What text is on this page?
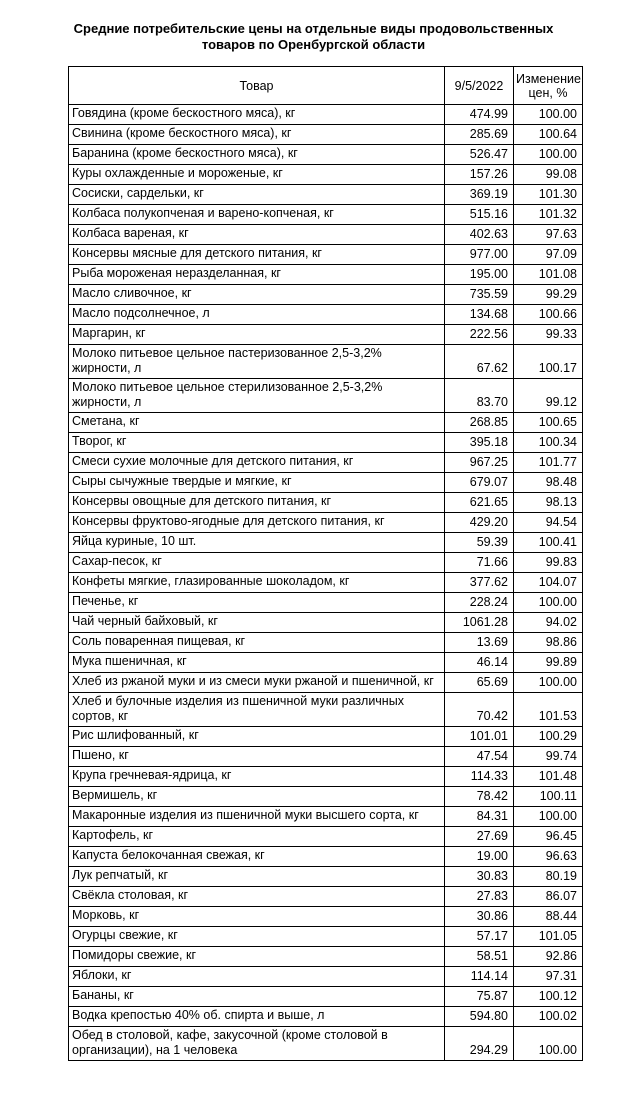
Средние потребительские цены на отдельные виды продовольственных товаров по Оренбургской области
Товар	9/5/2022	Изменение цен, %
Говядина (кроме бескостного мяса), кг	474.99	100.00
Свинина (кроме бескостного мяса), кг	285.69	100.64
Баранина (кроме бескостного мяса), кг	526.47	100.00
Куры охлажденные и мороженые, кг	157.26	99.08
Сосиски, сардельки, кг	369.19	101.30
Колбаса полукопченая и варено-копченая, кг	515.16	101.32
Колбаса вареная, кг	402.63	97.63
Консервы мясные для детского питания, кг	977.00	97.09
Рыба мороженая неразделанная, кг	195.00	101.08
Масло сливочное, кг	735.59	99.29
Масло подсолнечное, л	134.68	100.66
Маргарин, кг	222.56	99.33
Молоко питьевое цельное пастеризованное 2,5-3,2% жирности, л	67.62	100.17
Молоко питьевое цельное стерилизованное 2,5-3,2% жирности, л	83.70	99.12
Сметана, кг	268.85	100.65
Творог, кг	395.18	100.34
Смеси сухие молочные для детского питания, кг	967.25	101.77
Сыры сычужные твердые и мягкие, кг	679.07	98.48
Консервы овощные для детского питания, кг	621.65	98.13
Консервы фруктово-ягодные для детского питания, кг	429.20	94.54
Яйца куриные, 10 шт.	59.39	100.41
Сахар-песок, кг	71.66	99.83
Конфеты мягкие, глазированные шоколадом, кг	377.62	104.07
Печенье, кг	228.24	100.00
Чай черный байховый, кг	1061.28	94.02
Соль поваренная пищевая, кг	13.69	98.86
Мука пшеничная, кг	46.14	99.89
Хлеб из ржаной муки и из смеси муки ржаной и пшеничной, кг	65.69	100.00
Хлеб и булочные изделия из пшеничной муки различных сортов, кг	70.42	101.53
Рис шлифованный, кг	101.01	100.29
Пшено, кг	47.54	99.74
Крупа гречневая-ядрица, кг	114.33	101.48
Вермишель, кг	78.42	100.11
Макаронные изделия из пшеничной муки высшего сорта, кг	84.31	100.00
Картофель, кг	27.69	96.45
Капуста белокочанная свежая, кг	19.00	96.63
Лук репчатый, кг	30.83	80.19
Свёкла столовая, кг	27.83	86.07
Морковь, кг	30.86	88.44
Огурцы свежие, кг	57.17	101.05
Помидоры свежие, кг	58.51	92.86
Яблоки, кг	114.14	97.31
Бананы, кг	75.87	100.12
Водка крепостью 40% об. спирта и выше, л	594.80	100.02
Обед в столовой, кафе, закусочной (кроме столовой в организации), на 1 человека	294.29	100.00
